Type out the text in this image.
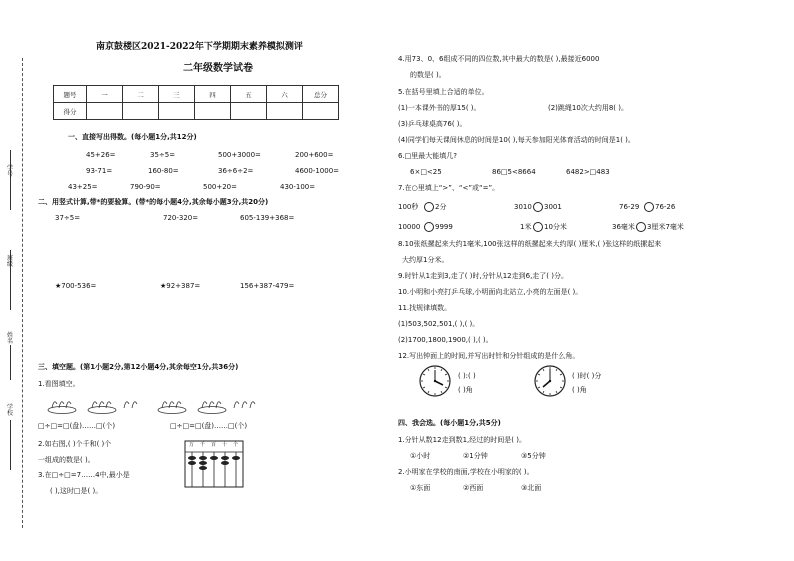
学号
班级
姓名
学校
南京鼓楼区2021-2022年下学期期末素养模拟测评
二年级数学试卷
题号	一	二	三	四	五	六	总分
得分							
一、直接写出得数。(每小题1分,共12分)
45+26=	35÷5=	500+3000=	200+600=
93-71=	160-80=	36÷6÷2=	4600-1000=
43+25=	790-90=	500+20=	430-100=
二、用竖式计算,带*的要验算。(带*的每小题4分,其余每小题3分,共20分)
37÷5=	720-320=	605-139+368=
★700-536=	★92+387=	156+387-479=
三、填空题。(第1小题2分,第12小题4分,其余每空1分,共36分)
1.看图填空。
□÷□=□(盘)……□(个)	□÷□=□(盘)……□(个)
2.如右图,( )个千和( )个
一组成的数是( )。
3.在□÷□=7……4中,最小是
( ),这时□是( )。
万 千 百 十 个
4.用73、0、6组成不同的四位数,其中最大的数是( ),最接近6000
的数是( )。
5.在括号里填上合适的单位。
(1)一本课外书的厚15( )。	(2)跳绳10次大约用8( )。
(3)乒乓球桌高76( )。
(4)同学们每天课间休息的时间是10( ),每天参加阳光体育活动的时间是1( )。
6.□里最大能填几?
6×□<25	86□5<8664	6482>□483
7.在○里填上“>”、“<”或“=”。
100秒 2分	3010 3001	76-29 76-26
10000 9999	1米 10分米	36毫米 3厘米7毫米
8.10张纸摞起来大约1毫米,100张这样的纸摞起来大约厚( )厘米,( )张这样的纸摞起来
大约厚1分米。
9.时针从1走到3,走了( )时,分针从12走到6,走了( )分。
10.小明和小亮打乒乓球,小明面向北站立,小亮的左面是( )。
11.找规律填数。
(1)503,502,501,( ),( )。
(2)1700,1800,1900,( ),( )。
12.写出钟面上的时间,并写出时针和分针组成的是什么角。
( ):( )
( )角
( )时( )分
( )角
四、我会选。(每小题1分,共5分)
1.分针从数12走到数1,经过的时间是( )。
①小时	②1分钟	③5分钟
2.小明家在学校的南面,学校在小明家的( )。
①东面	②西面	③北面
